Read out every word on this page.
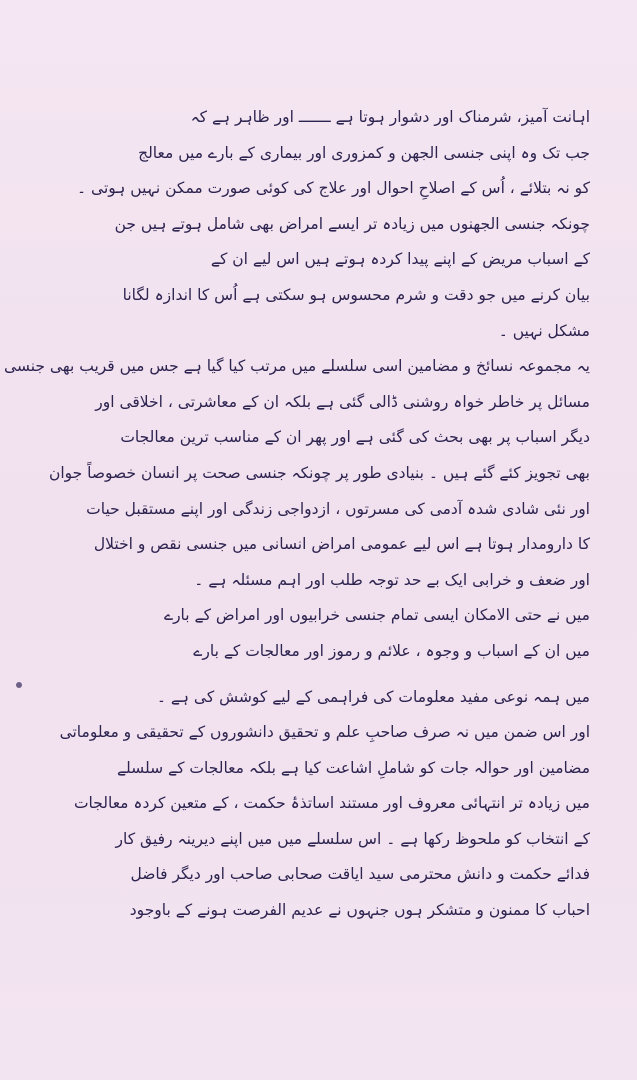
اہانت آمیز، شرمناک اور دشوار ہوتا ہے ـــــــ اور ظاہر ہے کہ
جب تک وہ اپنی جنسی الجھن و کمزوری اور بیماری کے بارے میں معالج
کو نہ بتلائے ، اُس کے اصلاحِ احوال اور علاج کی کوئی صورت ممکن نہیں ہوتی ۔
چونکہ جنسی الجھنوں میں زیادہ تر ایسے امراض بھی شامل ہوتے ہیں جن
کے اسباب مریض کے اپنے پیدا کردہ ہوتے ہیں اس لیے ان کے
بیان کرنے میں جو دقت و شرم محسوس ہو سکتی ہے اُس کا اندازہ لگانا
مشکل نہیں ۔
یہ مجموعہ نسائخ و مضامین اسی سلسلے میں مرتب کیا گیا ہے جس میں قریب بھی جنسی
مسائل پر خاطر خواہ روشنی ڈالی گئی ہے بلکہ ان کے معاشرتی ، اخلاقی اور
دیگر اسباب پر بھی بحث کی گئی ہے اور پھر ان کے مناسب ترین معالجات
بھی تجویز کئے گئے ہیں ۔ بنیادی طور پر چونکہ جنسی صحت پر انسان خصوصاً جوان
اور نئی شادی شدہ آدمی کی مسرتوں ، ازدواجی زندگی اور اپنے مستقبل حیات
کا دارومدار ہوتا ہے اس لیے عمومی امراض انسانی میں جنسی نقص و اختلال
اور ضعف و خرابی ایک بے حد توجہ طلب اور اہم مسئلہ ہے ۔
میں نے حتی الامکان ایسی تمام جنسی خرابیوں اور امراض کے بارے
میں ان کے اسباب و وجوہ ، علائم و رموز اور معالجات کے بارے
میں ہمہ نوعی مفید معلومات کی فراہمی کے لیے کوشش کی ہے ۔
اور اس ضمن میں نہ صرف صاحبِ علم و تحقیق دانشوروں کے تحقیقی و معلوماتی
مضامین اور حوالہ جات کو شاملِ اشاعت کیا ہے بلکہ معالجات کے سلسلے
میں زیادہ تر انتہائی معروف اور مستند اساتذۂ حکمت ، کے متعین کردہ معالجات
کے انتخاب کو ملحوظ رکھا ہے ۔ اس سلسلے میں میں اپنے دیرینہ رفیق کار
فدائے حکمت و دانش محترمی سید ایاقت صحابی صاحب اور دیگر فاضل
احباب کا ممنون و متشکر ہوں جنہوں نے عدیم الفرصت ہونے کے باوجود
